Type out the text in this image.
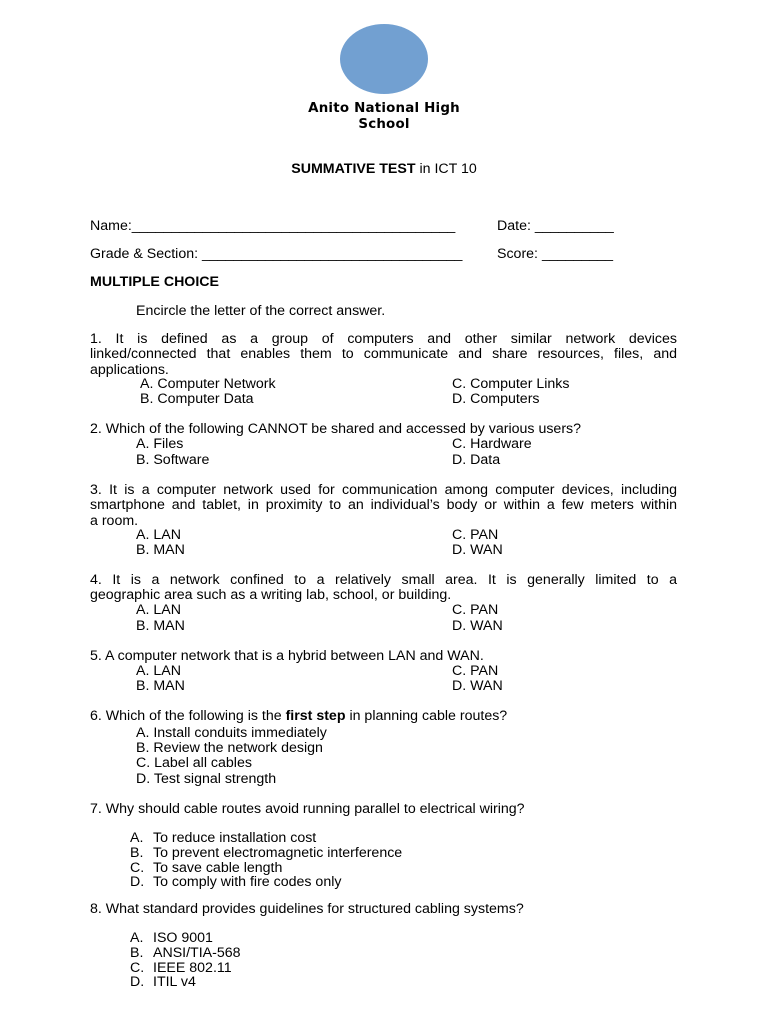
Anito National High School
SUMMATIVE TEST in ICT 10
Name:_________________________________________	Date: __________
Grade & Section: _________________________________ Score: _________
MULTIPLE CHOICE
Encircle the letter of the correct answer.
1. It is defined as a group of computers and other similar network devices
linked/connected that enables them to communicate and share resources, files, and
applications.
A. Computer Network	C. Computer Links
B. Computer Data	D. Computers
2. Which of the following CANNOT be shared and accessed by various users?
A. Files	C. Hardware
B. Software	D. Data
3. It is a computer network used for communication among computer devices, including
smartphone and tablet, in proximity to an individual’s body or within a few meters within
a room.
A. LAN	C. PAN
B. MAN	D. WAN
4. It is a network confined to a relatively small area. It is generally limited to a
geographic area such as a writing lab, school, or building.
A. LAN	C. PAN
B. MAN	D. WAN
5. A computer network that is a hybrid between LAN and WAN.
A. LAN	C. PAN
B. MAN	D. WAN
6. Which of the following is the first step in planning cable routes?
A. Install conduits immediately
B. Review the network design
C. Label all cables
D. Test signal strength
7. Why should cable routes avoid running parallel to electrical wiring?
A. To reduce installation cost
B. To prevent electromagnetic interference
C. To save cable length
D. To comply with fire codes only
8. What standard provides guidelines for structured cabling systems?
A. ISO 9001
B. ANSI/TIA-568
C. IEEE 802.11
D. ITIL v4
